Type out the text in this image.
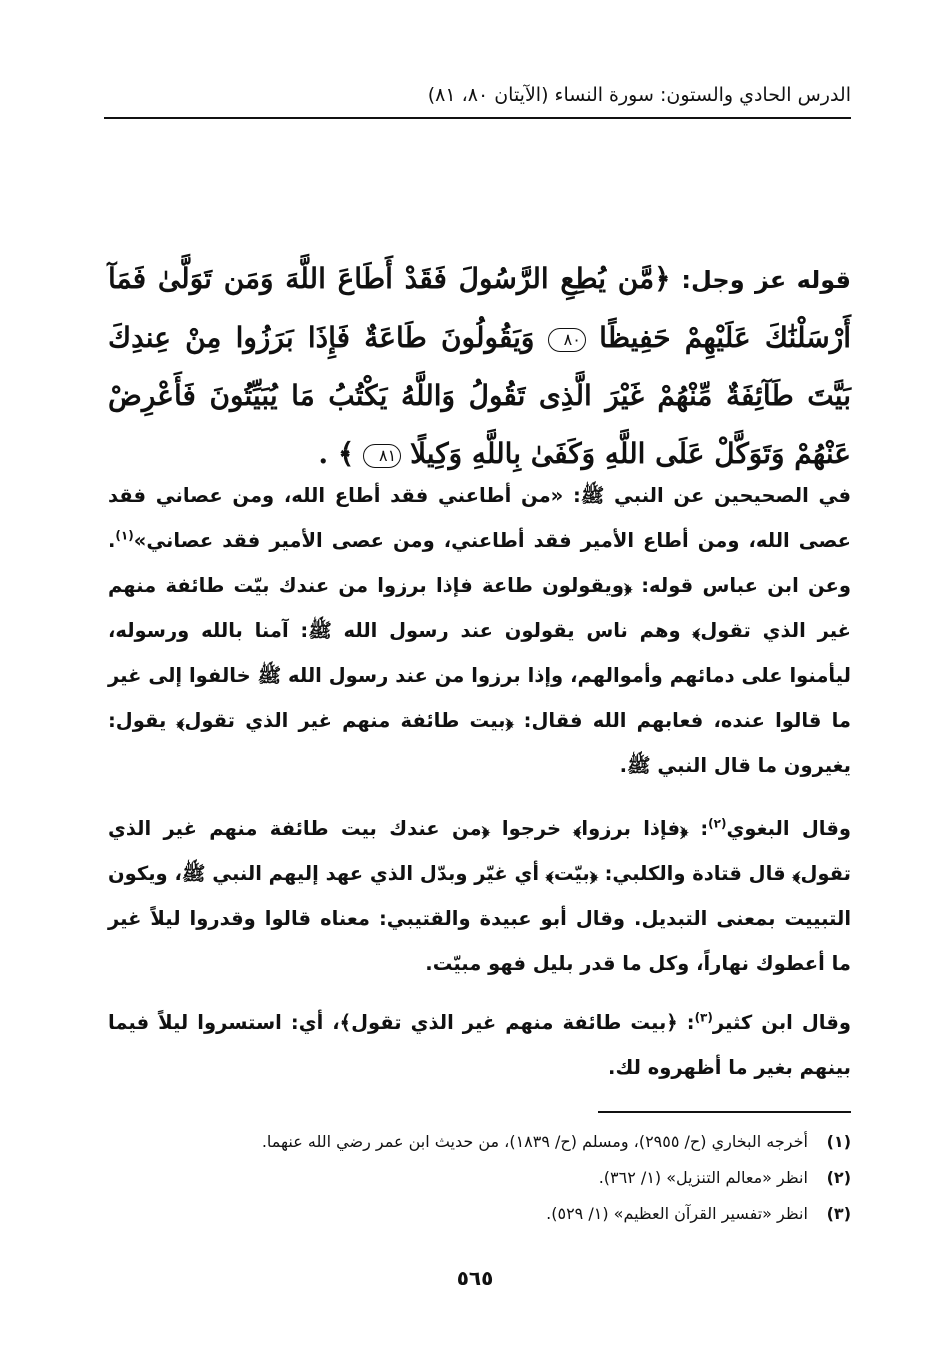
الدرس الحادي والستون: سورة النساء (الآيتان ٨٠، ٨١)
قوله عز وجل: ﴿مَّن يُطِعِ الرَّسُولَ فَقَدْ أَطَاعَ اللَّهَ وَمَن تَوَلَّىٰ فَمَآ أَرْسَلْنَٰكَ عَلَيْهِمْ حَفِيظًا ٨٠ وَيَقُولُونَ طَاعَةٌ فَإِذَا بَرَزُوا مِنْ عِندِكَ بَيَّتَ طَآئِفَةٌ مِّنْهُمْ غَيْرَ الَّذِى تَقُولُ وَاللَّهُ يَكْتُبُ مَا يُبَيِّتُونَ فَأَعْرِضْ عَنْهُمْ وَتَوَكَّلْ عَلَى اللَّهِ وَكَفَىٰ بِاللَّهِ وَكِيلًا ٨١ ﴾ .
في الصحيحين عن النبي ﷺ: «من أطاعني فقد أطاع الله، ومن عصاني فقد عصى الله، ومن أطاع الأمير فقد أطاعني، ومن عصى الأمير فقد عصاني»$^{(١)}$. وعن ابن عباس قوله: ﴿ويقولون طاعة فإذا برزوا من عندك بيّت طائفة منهم غير الذي تقول﴾ وهم ناس يقولون عند رسول الله ﷺ: آمنا بالله ورسوله، ليأمنوا على دمائهم وأموالهم، وإذا برزوا من عند رسول الله ﷺ خالفوا إلى غير ما قالوا عنده، فعابهم الله فقال: ﴿بيت طائفة منهم غير الذي تقول﴾ يقول: يغيرون ما قال النبي ﷺ.
وقال البغوي$^{(٢)}$: ﴿فإذا برزوا﴾ خرجوا ﴿من عندك بيت طائفة منهم غير الذي تقول﴾ قال قتادة والكلبي: ﴿بيّت﴾ أي غيّر وبدّل الذي عهد إليهم النبي ﷺ، ويكون التبييت بمعنى التبديل. وقال أبو عبيدة والقتيبي: معناه قالوا وقدروا ليلاً غير ما أعطوك نهاراً، وكل ما قدر بليل فهو مبيّت.
وقال ابن كثير$^{(٣)}$: ﴿بيت طائفة منهم غير الذي تقول﴾، أي: استسروا ليلاً فيما بينهم بغير ما أظهروه لك.
(١) أخرجه البخاري (ح/ ٢٩٥٥)، ومسلم (ح/ ١٨٣٩)، من حديث ابن عمر رضي الله عنهما.
(٢) انظر «معالم التنزيل» (١/ ٣٦٢).
(٣) انظر «تفسير القرآن العظيم» (١/ ٥٢٩).
٥٦٥
